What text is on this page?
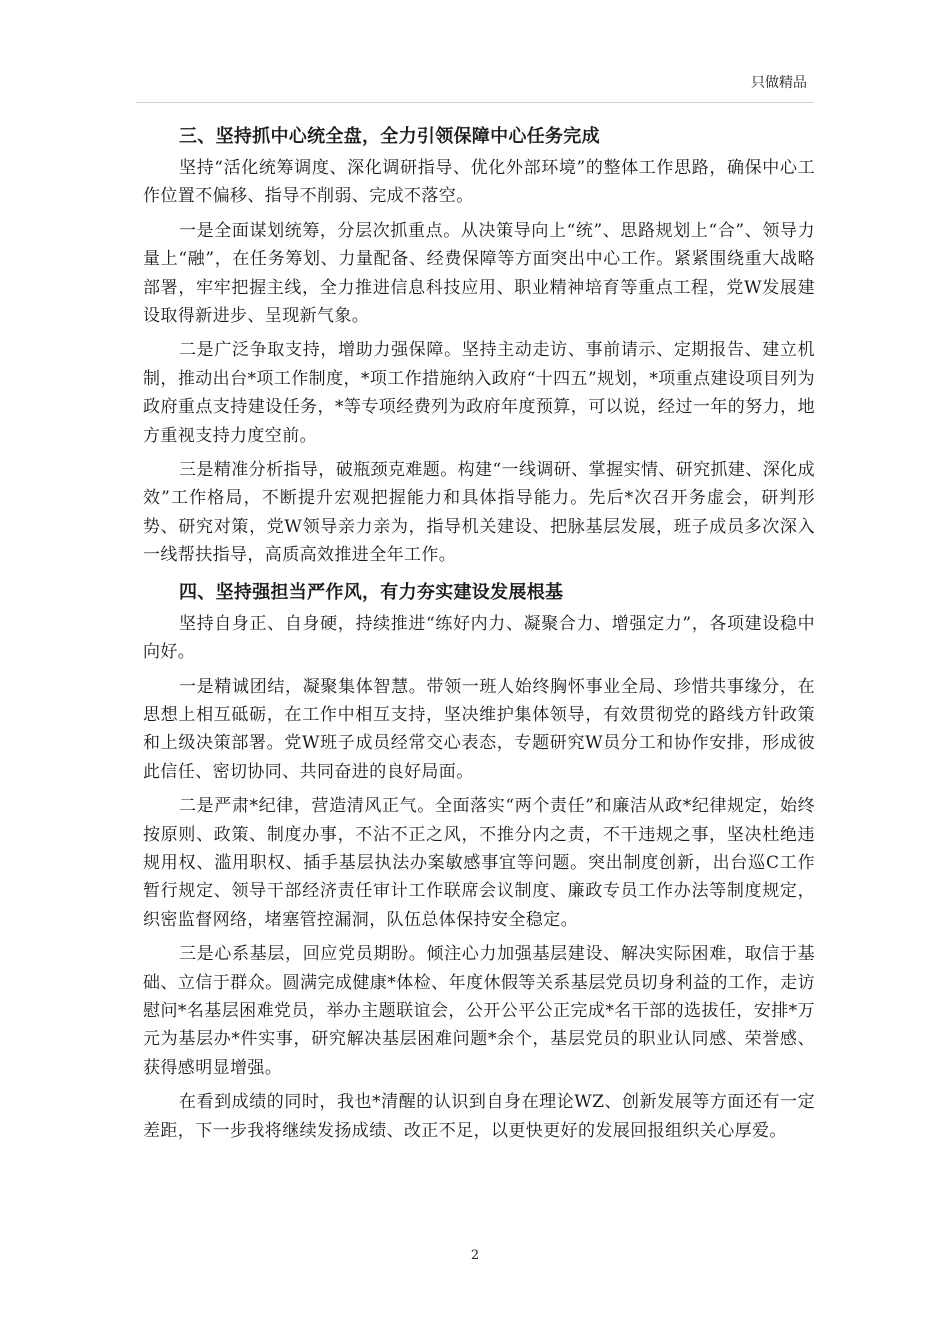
只做精品
三、坚持抓中心统全盘，全力引领保障中心任务完成

坚持“活化统筹调度、深化调研指导、优化外部环境”的整体工作思路，确保中心工作位置不偏移、指导不削弱、完成不落空。

一是全面谋划统筹，分层次抓重点。从决策导向上“统”、思路规划上“合”、领导力量上“融”，在任务筹划、力量配备、经费保障等方面突出中心工作。紧紧围绕重大战略部署，牢牢把握主线，全力推进信息科技应用、职业精神培育等重点工程，党W发展建设取得新进步、呈现新气象。

二是广泛争取支持，增助力强保障。坚持主动走访、事前请示、定期报告、建立机制，推动出台*项工作制度，*项工作措施纳入政府“十四五”规划，*项重点建设项目列为政府重点支持建设任务，*等专项经费列为政府年度预算，可以说，经过一年的努力，地方重视支持力度空前。

三是精准分析指导，破瓶颈克难题。构建“一线调研、掌握实情、研究抓建、深化成效”工作格局，不断提升宏观把握能力和具体指导能力。先后*次召开务虚会，研判形势、研究对策，党W领导亲力亲为，指导机关建设、把脉基层发展，班子成员多次深入一线帮扶指导，高质高效推进全年工作。

四、坚持强担当严作风，有力夯实建设发展根基

坚持自身正、自身硬，持续推进“练好内力、凝聚合力、增强定力”，各项建设稳中向好。

一是精诚团结，凝聚集体智慧。带领一班人始终胸怀事业全局、珍惜共事缘分，在思想上相互砥砺，在工作中相互支持，坚决维护集体领导，有效贯彻党的路线方针政策和上级决策部署。党W班子成员经常交心表态，专题研究W员分工和协作安排，形成彼此信任、密切协同、共同奋进的良好局面。

二是严肃*纪律，营造清风正气。全面落实“两个责任”和廉洁从政*纪律规定，始终按原则、政策、制度办事，不沾不正之风，不推分内之责，不干违规之事，坚决杜绝违规用权、滥用职权、插手基层执法办案敏感事宜等问题。突出制度创新，出台巡C工作暂行规定、领导干部经济责任审计工作联席会议制度、廉政专员工作办法等制度规定，织密监督网络，堵塞管控漏洞，队伍总体保持安全稳定。

三是心系基层，回应党员期盼。倾注心力加强基层建设、解决实际困难，取信于基础、立信于群众。圆满完成健康*体检、年度休假等关系基层党员切身利益的工作，走访慰问*名基层困难党员，举办主题联谊会，公开公平公正完成*名干部的选拔任，安排*万元为基层办*件实事，研究解决基层困难问题*余个，基层党员的职业认同感、荣誉感、获得感明显增强。

在看到成绩的同时，我也*清醒的认识到自身在理论WZ、创新发展等方面还有一定差距，下一步我将继续发扬成绩、改正不足，以更快更好的发展回报组织关心厚爱。

2
